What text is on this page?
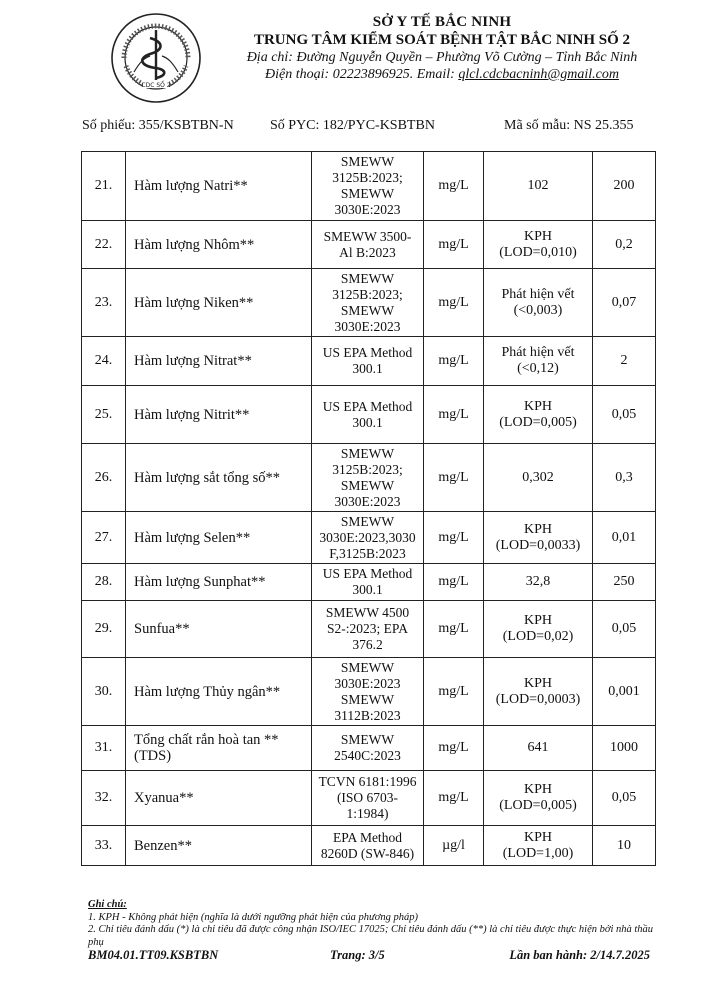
CDC SỐ 2
SỞ Y TẾ BẮC NINH
TRUNG TÂM KIỂM SOÁT BỆNH TẬT BẮC NINH SỐ 2
Địa chỉ: Đường Nguyễn Quyền – Phường Võ Cường – Tỉnh Bắc Ninh
Điện thoại: 02223896925. Email: qlcl.cdcbacninh@gmail.com
Số phiếu: 355/KSBTBN-N	Số PYC: 182/PYC-KSBTBN	Mã số mẫu: NS 25.355
21.	Hàm lượng Natri**	SMEWW
3125B:2023;
SMEWW
3030E:2023	mg/L	102	200
22.	Hàm lượng Nhôm**	SMEWW 3500-
Al B:2023	mg/L	KPH
(LOD=0,010)	0,2
23.	Hàm lượng Niken**	SMEWW
3125B:2023;
SMEWW
3030E:2023	mg/L	Phát hiện vết
(<0,003)	0,07
24.	Hàm lượng Nitrat**	US EPA Method
300.1	mg/L	Phát hiện vết
(<0,12)	2
25.	Hàm lượng Nitrit**	US EPA Method
300.1	mg/L	KPH
(LOD=0,005)	0,05
26.	Hàm lượng sắt tổng số**	SMEWW
3125B:2023;
SMEWW
3030E:2023	mg/L	0,302	0,3
27.	Hàm lượng Selen**	SMEWW
3030E:2023,3030
F,3125B:2023	mg/L	KPH
(LOD=0,0033)	0,01
28.	Hàm lượng Sunphat**	US EPA Method
300.1	mg/L	32,8	250
29.	Sunfua**	SMEWW 4500
S2-:2023; EPA
376.2	mg/L	KPH
(LOD=0,02)	0,05
30.	Hàm lượng Thủy ngân**	SMEWW
3030E:2023
SMEWW
3112B:2023	mg/L	KPH
(LOD=0,0003)	0,001
31.	Tổng chất rắn hoà tan **
(TDS)	SMEWW
2540C:2023	mg/L	641	1000
32.	Xyanua**	TCVN 6181:1996
(ISO 6703-
1:1984)	mg/L	KPH
(LOD=0,005)	0,05
33.	Benzen**	EPA Method
8260D (SW-846)	µg/l	KPH
(LOD=1,00)	10
Ghi chú:
1. KPH - Không phát hiện (nghĩa là dưới ngưỡng phát hiện của phương pháp)
2. Chỉ tiêu đánh dấu (*) là chỉ tiêu đã được công nhận ISO/IEC 17025; Chỉ tiêu đánh dấu (**) là chỉ tiêu được thực hiện bởi nhà thầu phụ
BM04.01.TT09.KSBTBN	Trang: 3/5	Lần ban hành: 2/14.7.2025
